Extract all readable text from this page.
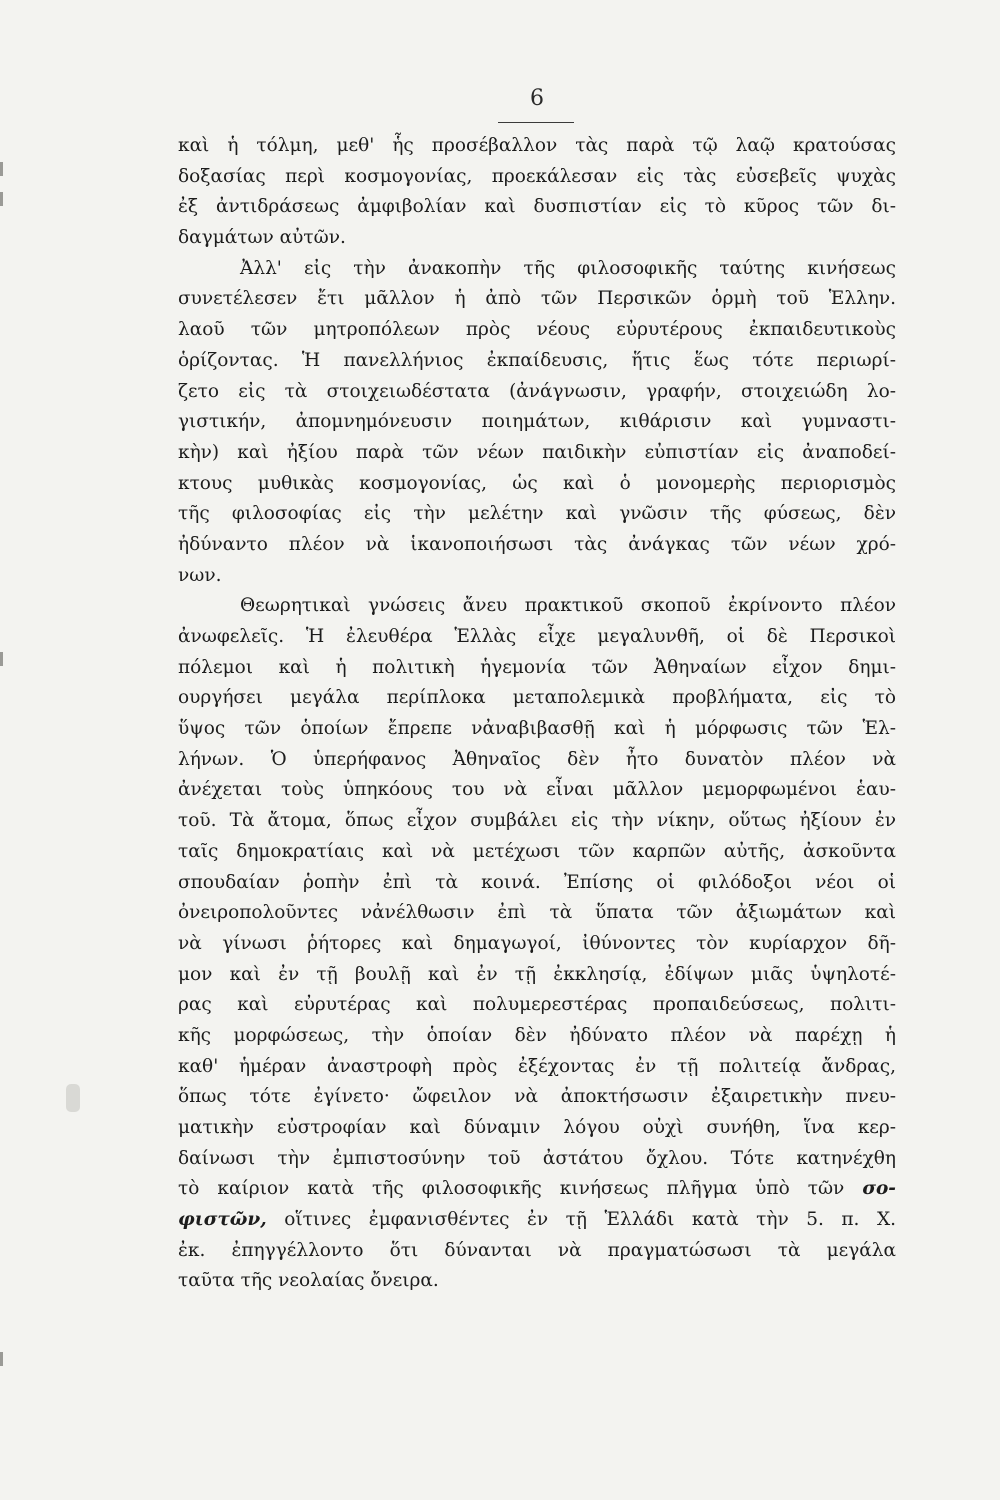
6
καὶ ἡ τόλμη, μεθ' ἧς προσέβαλλον τὰς παρὰ τῷ λαῷ κρατούσας
δοξασίας περὶ κοσμογονίας, προεκάλεσαν εἰς τὰς εὐσεβεῖς ψυχὰς
ἐξ ἀντιδράσεως ἀμφιβολίαν καὶ δυσπιστίαν εἰς τὸ κῦρος τῶν δι-
δαγμάτων αὐτῶν.
Ἀλλ' εἰς τὴν ἀνακοπὴν τῆς φιλοσοφικῆς ταύτης κινήσεως
συνετέλεσεν ἔτι μᾶλλον ἡ ἀπὸ τῶν Περσικῶν ὁρμὴ τοῦ Ἑλλην.
λαοῦ τῶν μητροπόλεων πρὸς νέους εὐρυτέρους ἐκπαιδευτικοὺς
ὁρίζοντας. Ἡ πανελλήνιος ἐκπαίδευσις, ἥτις ἕως τότε περιωρί-
ζετο εἰς τὰ στοιχειωδέστατα (ἀνάγνωσιν, γραφήν, στοιχειώδη λο-
γιστικήν, ἀπομνημόνευσιν ποιημάτων, κιθάρισιν καὶ γυμναστι-
κὴν) καὶ ἠξίου παρὰ τῶν νέων παιδικὴν εὐπιστίαν εἰς ἀναποδεί-
κτους μυθικὰς κοσμογονίας, ὡς καὶ ὁ μονομερὴς περιορισμὸς
τῆς φιλοσοφίας εἰς τὴν μελέτην καὶ γνῶσιν τῆς φύσεως, δὲν
ἠδύναντο πλέον νὰ ἱκανοποιήσωσι τὰς ἀνάγκας τῶν νέων χρό-
νων.
Θεωρητικαὶ γνώσεις ἄνευ πρακτικοῦ σκοποῦ ἐκρίνοντο πλέον
ἀνωφελεῖς. Ἡ ἐλευθέρα Ἑλλὰς εἶχε μεγαλυνθῆ, οἱ δὲ Περσικοὶ
πόλεμοι καὶ ἡ πολιτικὴ ἡγεμονία τῶν Ἀθηναίων εἶχον δημι-
ουργήσει μεγάλα περίπλοκα μεταπολεμικὰ προβλήματα, εἰς τὸ
ὕψος τῶν ὁποίων ἔπρεπε νἀναβιβασθῇ καὶ ἡ μόρφωσις τῶν Ἑλ-
λήνων. Ὁ ὑπερήφανος Ἀθηναῖος δὲν ἦτο δυνατὸν πλέον νὰ
ἀνέχεται τοὺς ὑπηκόους του νὰ εἶναι μᾶλλον μεμορφωμένοι ἑαυ-
τοῦ. Τὰ ἄτομα, ὅπως εἶχον συμβάλει εἰς τὴν νίκην, οὕτως ἠξίουν ἐν
ταῖς δημοκρατίαις καὶ νὰ μετέχωσι τῶν καρπῶν αὐτῆς, ἀσκοῦντα
σπουδαίαν ῥοπὴν ἐπὶ τὰ κοινά. Ἐπίσης οἱ φιλόδοξοι νέοι οἱ
ὀνειροπολοῦντες νἀνέλθωσιν ἐπὶ τὰ ὕπατα τῶν ἀξιωμάτων καὶ
νὰ γίνωσι ῥήτορες καὶ δημαγωγοί, ἰθύνοντες τὸν κυρίαρχον δῆ-
μον καὶ ἐν τῇ βουλῇ καὶ ἐν τῇ ἐκκλησίᾳ, ἐδίψων μιᾶς ὑψηλοτέ-
ρας καὶ εὐρυτέρας καὶ πολυμερεστέρας προπαιδεύσεως, πολιτι-
κῆς μορφώσεως, τὴν ὁποίαν δὲν ἠδύνατο πλέον νὰ παρέχῃ ἡ
καθ' ἡμέραν ἀναστροφὴ πρὸς ἐξέχοντας ἐν τῇ πολιτείᾳ ἄνδρας,
ὅπως τότε ἐγίνετο· ὤφειλον νὰ ἀποκτήσωσιν ἐξαιρετικὴν πνευ-
ματικὴν εὐστροφίαν καὶ δύναμιν λόγου οὐχὶ συνήθη, ἵνα κερ-
δαίνωσι τὴν ἐμπιστοσύνην τοῦ ἀστάτου ὄχλου. Τότε κατηνέχθη
τὸ καίριον κατὰ τῆς φιλοσοφικῆς κινήσεως πλῆγμα ὑπὸ τῶν σο-
φιστῶν, οἵτινες ἐμφανισθέντες ἐν τῇ Ἑλλάδι κατὰ τὴν 5. π. Χ.
ἐκ. ἐπηγγέλλοντο ὅτι δύνανται νὰ πραγματώσωσι τὰ μεγάλα
ταῦτα τῆς νεολαίας ὄνειρα.
